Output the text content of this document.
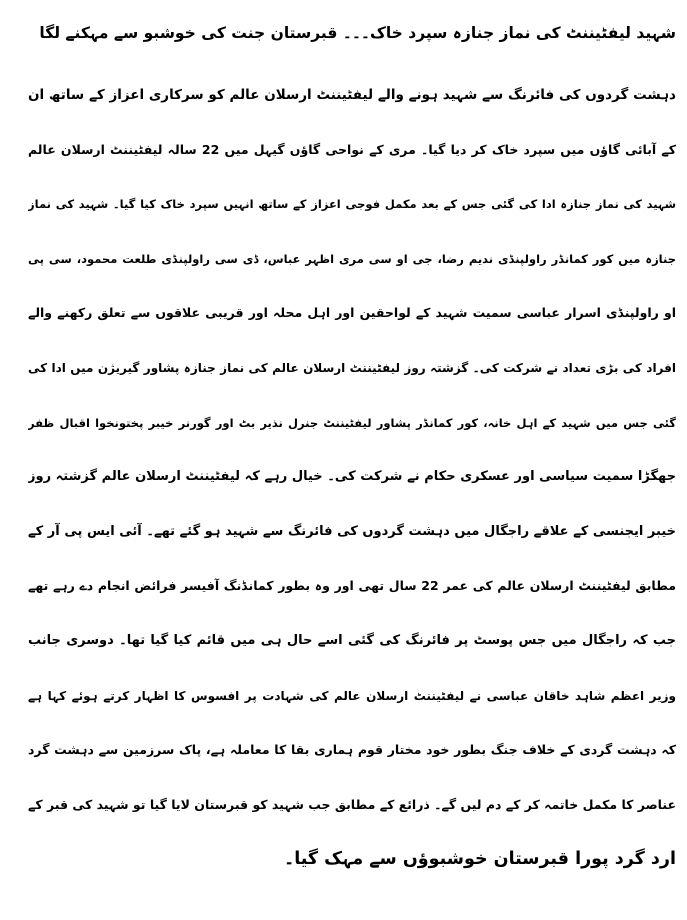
شہید لیفٹیننٹ کی نماز جنازہ سپرد خاک۔۔۔ قبرستان جنت کی خوشبو سے مہکنے لگا
دہشت گردوں کی فائرنگ سے شہید ہونے والے لیفٹیننٹ ارسلان عالم کو سرکاری اعزاز کے ساتھ ان
کے آبائی گاؤں میں سپرد خاک کر دیا گیا۔ مری کے نواحی گاؤں گیہل میں 22 سالہ لیفٹیننٹ ارسلان عالم
شہید کی نماز جنازہ ادا کی گئی جس کے بعد مکمل فوجی اعزاز کے ساتھ انہیں سپرد خاک کیا گیا۔ شہید کی نماز
جنازہ میں کور کمانڈر راولپنڈی ندیم رضا، جی او سی مری اظہر عباس، ڈی سی راولپنڈی طلعت محمود، سی پی
او راولپنڈی اسرار عباسی سمیت شہید کے لواحقین اور اہل محلہ اور قریبی علاقوں سے تعلق رکھنے والے
افراد کی بڑی تعداد نے شرکت کی۔ گزشتہ روز لیفٹیننٹ ارسلان عالم کی نماز جنازہ پشاور گیریژن میں ادا کی
گئی جس میں شہید کے اہل خانہ، کور کمانڈر پشاور لیفٹیننٹ جنرل نذیر بٹ اور گورنر خیبر پختونخوا اقبال ظفر
جھگڑا سمیت سیاسی اور عسکری حکام نے شرکت کی۔ خیال رہے کہ لیفٹیننٹ ارسلان عالم گزشتہ روز
خیبر ایجنسی کے علاقے راجگال میں دہشت گردوں کی فائرنگ سے شہید ہو گئے تھے۔ آئی ایس پی آر کے
مطابق لیفٹیننٹ ارسلان عالم کی عمر 22 سال تھی اور وہ بطور کمانڈنگ آفیسر فرائض انجام دے رہے تھے
جب کہ راجگال میں جس پوسٹ پر فائرنگ کی گئی اسے حال ہی میں قائم کیا گیا تھا۔ دوسری جانب
وزیر اعظم شاہد خاقان عباسی نے لیفٹیننٹ ارسلان عالم کی شہادت پر افسوس کا اظہار کرتے ہوئے کہا ہے
کہ دہشت گردی کے خلاف جنگ بطور خود مختار قوم ہماری بقا کا معاملہ ہے، پاک سرزمین سے دہشت گرد
عناصر کا مکمل خاتمہ کر کے دم لیں گے۔ ذرائع کے مطابق جب شہید کو قبرستان لایا گیا تو شہید کی قبر کے
ارد گرد پورا قبرستان خوشبوؤں سے مہک گیا۔
